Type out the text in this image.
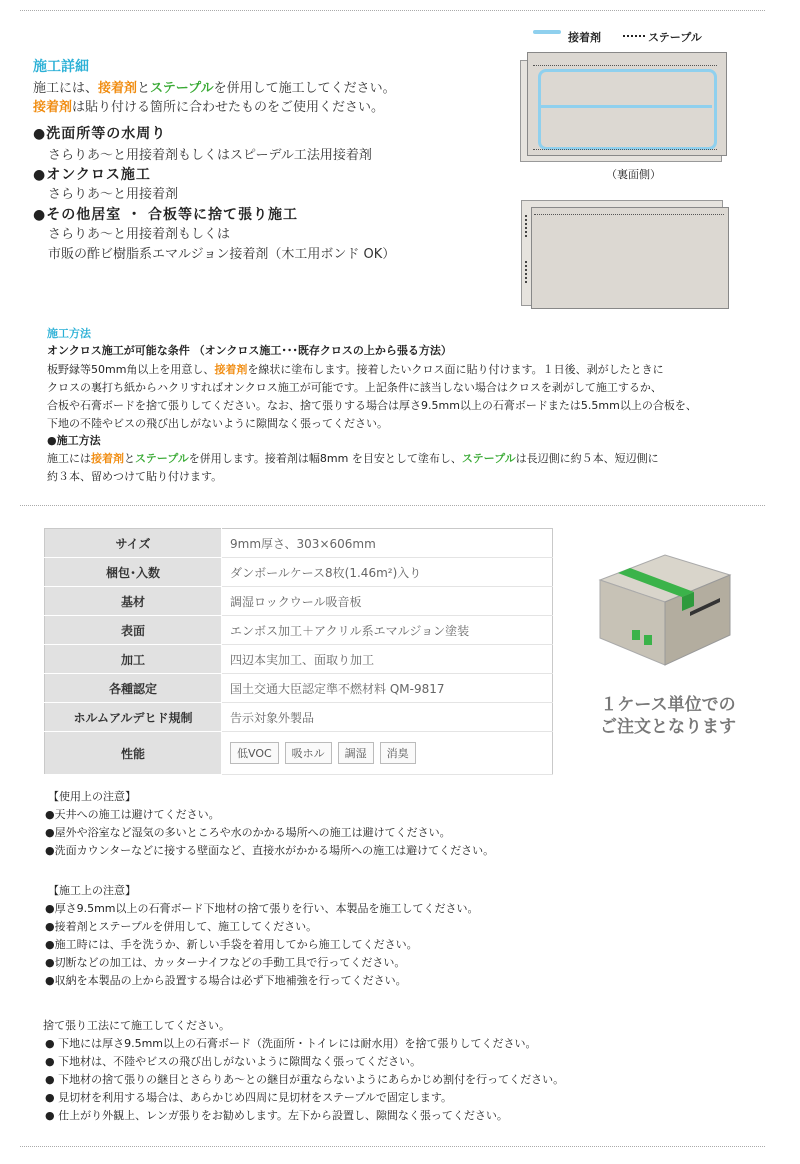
接着剤	ステープル
（裏面側）
施工詳細
施工には、接着剤とステープルを併用して施工してください。
接着剤は貼り付ける箇所に合わせたものをご使用ください。
●洗面所等の水周り
さらりあ～と用接着剤もしくはスピーデル工法用接着剤
●オンクロス施工
さらりあ～と用接着剤
●その他居室 ・ 合板等に捨て張り施工
さらりあ～と用接着剤もしくは
市販の酢ビ樹脂系エマルジョン接着剤（木工用ボンド OK）
施工方法
オンクロス施工が可能な条件 （オンクロス施工･･･既存クロスの上から張る方法）
板野縁等50mm角以上を用意し、接着剤を線状に塗布します。接着したいクロス面に貼り付けます。１日後、剥がしたときに
クロスの裏打ち紙からハクリすればオンクロス施工が可能です。上記条件に該当しない場合はクロスを剥がして施工するか、
合板や石膏ボードを捨て張りしてください。なお、捨て張りする場合は厚さ9.5mm以上の石膏ボードまたは5.5mm以上の合板を、
下地の不陸やビスの飛び出しがないように隙間なく張ってください。
●施工方法
施工には接着剤とステープルを併用します。接着剤は幅8mm を目安として塗布し、ステープルは長辺側に約５本、短辺側に
約３本、留めつけて貼り付けます。
サイズ	9mm厚さ、303×606mm
梱包･入数	ダンボールケース8枚(1.46m²)入り
基材	調湿ロックウール吸音板
表面	エンボス加工＋アクリル系エマルジョン塗装
加工	四辺本実加工、面取り加工
各種認定	国土交通大臣認定準不燃材料 QM-9817
ホルムアルデヒド規制	告示対象外製品
性能	低VOC 吸ホル 調湿 消臭
１ケース単位での
ご注文となります
【使用上の注意】
●天井への施工は避けてください。
●屋外や浴室など湿気の多いところや水のかかる場所への施工は避けてください。
●洗面カウンターなどに接する壁面など、直接水がかかる場所への施工は避けてください。
【施工上の注意】
●厚さ9.5mm以上の石膏ボード下地材の捨て張りを行い、本製品を施工してください。
●接着剤とステープルを併用して、施工してください。
●施工時には、手を洗うか、新しい手袋を着用してから施工してください。
●切断などの加工は、カッターナイフなどの手動工具で行ってください。
●収納を本製品の上から設置する場合は必ず下地補強を行ってください。
捨て張り工法にて施工してください。
● 下地には厚さ9.5mm以上の石膏ボード（洗面所・トイレには耐水用）を捨て張りしてください。
● 下地材は、不陸やビスの飛び出しがないように隙間なく張ってください。
● 下地材の捨て張りの継目とさらりあ～との継目が重ならないようにあらかじめ割付を行ってください。
● 見切材を利用する場合は、あらかじめ四周に見切材をステープルで固定します。
● 仕上がり外観上、レンガ張りをお勧めします。左下から設置し、隙間なく張ってください。
